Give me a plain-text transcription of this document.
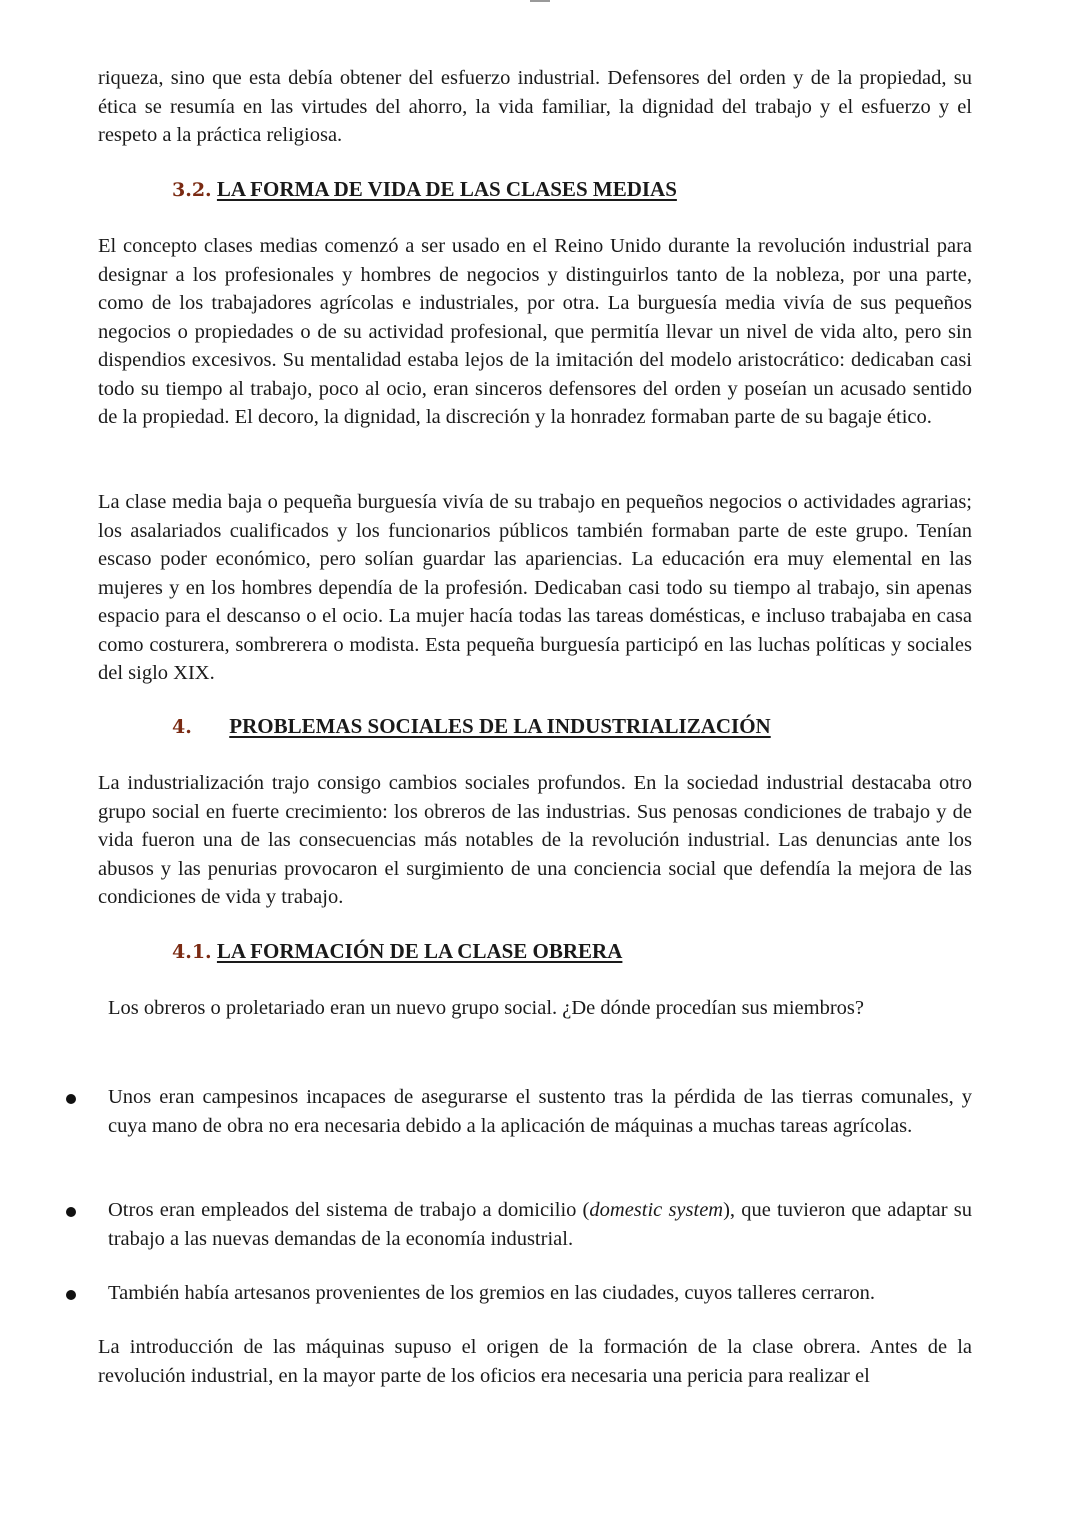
riqueza, sino que esta debía obtener del esfuerzo industrial. Defensores del orden y de la propiedad, su ética se resumía en las virtudes del ahorro, la vida familiar, la dignidad del trabajo y el esfuerzo y el respeto a la práctica religiosa.

3.2. LA FORMA DE VIDA DE LAS CLASES MEDIAS

El concepto clases medias comenzó a ser usado en el Reino Unido durante la revolución industrial para designar a los profesionales y hombres de negocios y distinguirlos tanto de la nobleza, por una parte, como de los trabajadores agrícolas e industriales, por otra. La burguesía media vivía de sus pequeños negocios o propiedades o de su actividad profesional, que permitía llevar un nivel de vida alto, pero sin dispendios excesivos. Su mentalidad estaba lejos de la imitación del modelo aristocrático: dedicaban casi todo su tiempo al trabajo, poco al ocio, eran sinceros defensores del orden y poseían un acusado sentido de la propiedad. El decoro, la dignidad, la discreción y la honradez formaban parte de su bagaje ético.

La clase media baja o pequeña burguesía vivía de su trabajo en pequeños negocios o actividades agrarias; los asalariados cualificados y los funcionarios públicos también formaban parte de este grupo. Tenían escaso poder económico, pero solían guardar las apariencias. La educación era muy elemental en las mujeres y en los hombres dependía de la profesión. Dedicaban casi todo su tiempo al trabajo, sin apenas espacio para el descanso o el ocio. La mujer hacía todas las tareas domésticas, e incluso trabajaba en casa como costurera, sombrerera o modista. Esta pequeña burguesía participó en las luchas políticas y sociales del siglo XIX.

4. PROBLEMAS SOCIALES DE LA INDUSTRIALIZACIÓN

La industrialización trajo consigo cambios sociales profundos. En la sociedad industrial destacaba otro grupo social en fuerte crecimiento: los obreros de las industrias. Sus penosas condiciones de trabajo y de vida fueron una de las consecuencias más notables de la revolución industrial. Las denuncias ante los abusos y las penurias provocaron el surgimiento de una conciencia social que defendía la mejora de las condiciones de vida y trabajo.

4.1. LA FORMACIÓN DE LA CLASE OBRERA

Los obreros o proletariado eran un nuevo grupo social. ¿De dónde procedían sus miembros?

Unos eran campesinos incapaces de asegurarse el sustento tras la pérdida de las tierras comunales, y cuya mano de obra no era necesaria debido a la aplicación de máquinas a muchas tareas agrícolas.

Otros eran empleados del sistema de trabajo a domicilio (domestic system), que tuvieron que adaptar su trabajo a las nuevas demandas de la economía industrial.

También había artesanos provenientes de los gremios en las ciudades, cuyos talleres cerraron.

La introducción de las máquinas supuso el origen de la formación de la clase obrera. Antes de la revolución industrial, en la mayor parte de los oficios era necesaria una pericia para realizar el
